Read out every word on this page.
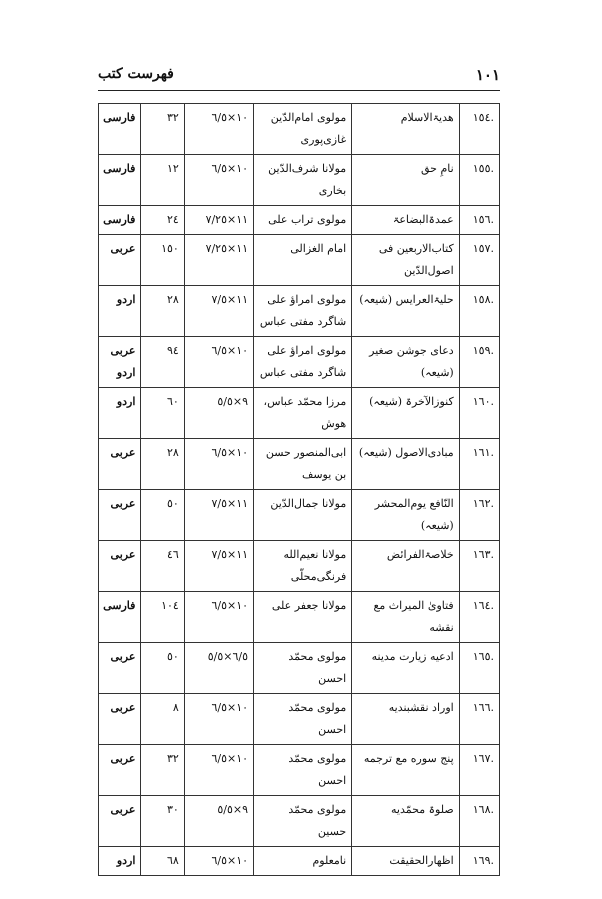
١٠١
فهرست کتب
.١٥٤	هدیۃالاسلام	مولوی امام‌الدّین غازی‌پوری	١٠×٦/٥	٣٢	فارسی
.١٥٥	نامِ حق	مولانا شرف‌الدّین بخاری	١٠×٦/٥	١٢	فارسی
.١٥٦	عمدۃالبضاعۃ	مولوی تراب علی	١١×٧/٢٥	٢٤	فارسی
.١٥٧	کتاب‌الاربعین فی اصول‌الدّین	امام الغزالی	١١×٧/٢٥	١٥٠	عربی
.١٥٨	حلیۃالعرایس (شیعہ)	مولوی امراؤ علی شاگرد مفتی عباس	١١×٧/٥	٢٨	اردو
.١٥٩	دعای جوشن صغیر (شیعہ)	مولوی امراؤ علی شاگرد مفتی عباس	١٠×٦/٥	٩٤	عربی اردو
.١٦٠	کنوزالآخرۃ (شیعہ)	مرزا محمّد عباس، هوش	٩×٥/٥	٦٠	اردو
.١٦١	مبادی‌الاصول (شیعہ)	ابی‌المنصور حسن بن یوسف	١٠×٦/٥	٢٨	عربی
.١٦٢	النّافع یوم‌المحشر (شیعہ)	مولانا جمال‌الدّین	١١×٧/٥	٥٠	عربی
.١٦٣	خلاصۃالفرائض	مولانا نعیم‌الله فرنگی‌محلّی	١١×٧/٥	٤٦	عربی
.١٦٤	فتاویٰ المیراث مع نقشه	مولانا جعفر علی	١٠×٦/٥	١٠٤	فارسی
.١٦٥	ادعیه زیارت مدینه	مولوی محمّد احسن	٦/٥×٥/٥	٥٠	عربی
.١٦٦	اوراد نقشبندیه	مولوی محمّد احسن	١٠×٦/٥	٨	عربی
.١٦٧	پنج سوره مع ترجمه	مولوی محمّد احسن	١٠×٦/٥	٣٢	عربی
.١٦٨	صلوۃ محمّدیه	مولوی محمّد حسین	٩×٥/٥	٣٠	عربی
.١٦٩	اظهارالحقیقت	نامعلوم	١٠×٦/٥	٦٨	اردو
